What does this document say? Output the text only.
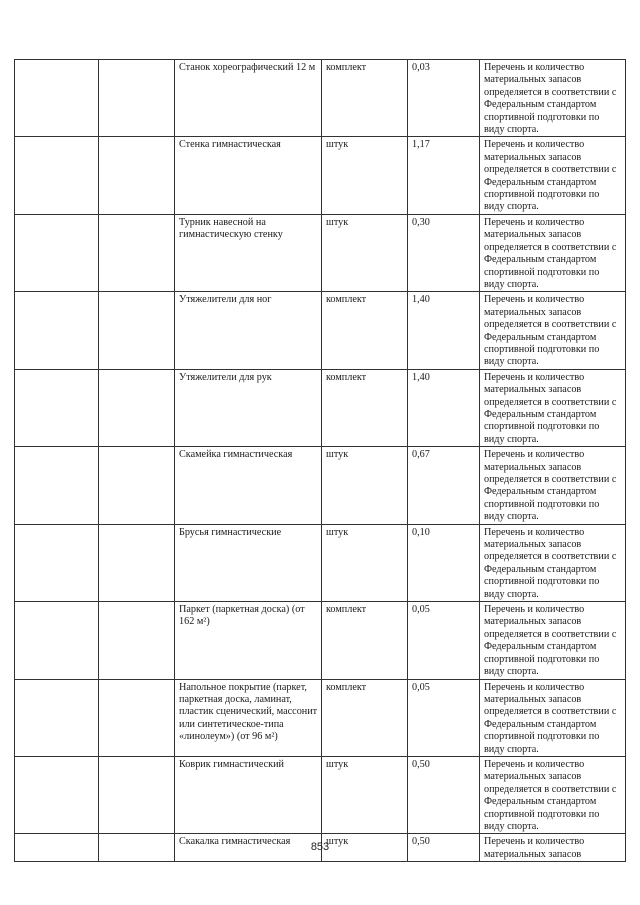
		Станок хореографический 12 м	комплект	0,03	Перечень и количество материальных запасов определяется в соответствии с Федеральным стандартом спортивной подготовки по виду спорта.
		Стенка гимнастическая	штук	1,17	Перечень и количество материальных запасов определяется в соответствии с Федеральным стандартом спортивной подготовки по виду спорта.
		Турник навесной на гимнастическую стенку	штук	0,30	Перечень и количество материальных запасов определяется в соответствии с Федеральным стандартом спортивной подготовки по виду спорта.
		Утяжелители для ног	комплект	1,40	Перечень и количество материальных запасов определяется в соответствии с Федеральным стандартом спортивной подготовки по виду спорта.
		Утяжелители для рук	комплект	1,40	Перечень и количество материальных запасов определяется в соответствии с Федеральным стандартом спортивной подготовки по виду спорта.
		Скамейка гимнастическая	штук	0,67	Перечень и количество материальных запасов определяется в соответствии с Федеральным стандартом спортивной подготовки по виду спорта.
		Брусья гимнастические	штук	0,10	Перечень и количество материальных запасов определяется в соответствии с Федеральным стандартом спортивной подготовки по виду спорта.
		Паркет (паркетная доска) (от 162 м²)	комплект	0,05	Перечень и количество материальных запасов определяется в соответствии с Федеральным стандартом спортивной подготовки по виду спорта.
		Напольное покрытие (паркет, паркетная доска, ламинат, пластик сценический, массонит или синтетическое-типа «линолеум») (от 96 м²)	комплект	0,05	Перечень и количество материальных запасов определяется в соответствии с Федеральным стандартом спортивной подготовки по виду спорта.
		Коврик гимнастический	штук	0,50	Перечень и количество материальных запасов определяется в соответствии с Федеральным стандартом спортивной подготовки по виду спорта.
		Скакалка гимнастическая	штук	0,50	Перечень и количество материальных запасов
853
